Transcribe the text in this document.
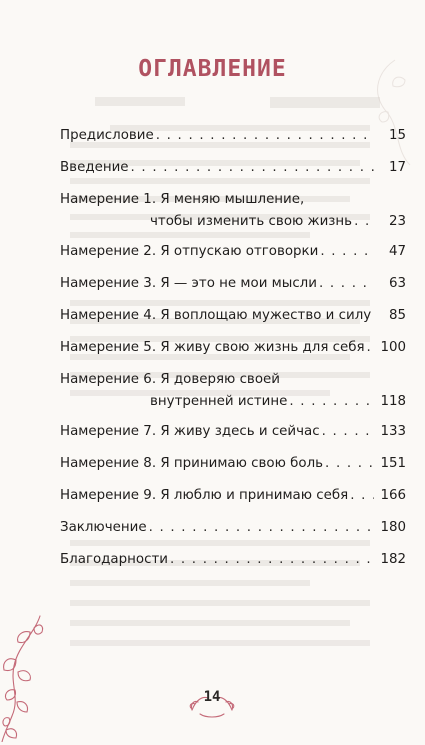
ОГЛАВЛЕНИЕ
Предисловие . . .	15
Введение . . .	17
Намерение 1. Я меняю мышление,
чтобы изменить свою жизнь . . .	23
Намерение 2. Я отпускаю отговорки . . .	47
Намерение 3. Я — это не мои мысли . . .	63
Намерение 4. Я воплощаю мужество и силу . . .	85
Намерение 5. Я живу свою жизнь для себя . . .	100
Намерение 6. Я доверяю своей
внутренней истине . . .	118
Намерение 7. Я живу здесь и сейчас . . .	133
Намерение 8. Я принимаю свою боль . . .	151
Намерение 9. Я люблю и принимаю себя . . .	166
Заключение . . .	180
Благодарности . . .	182
14
